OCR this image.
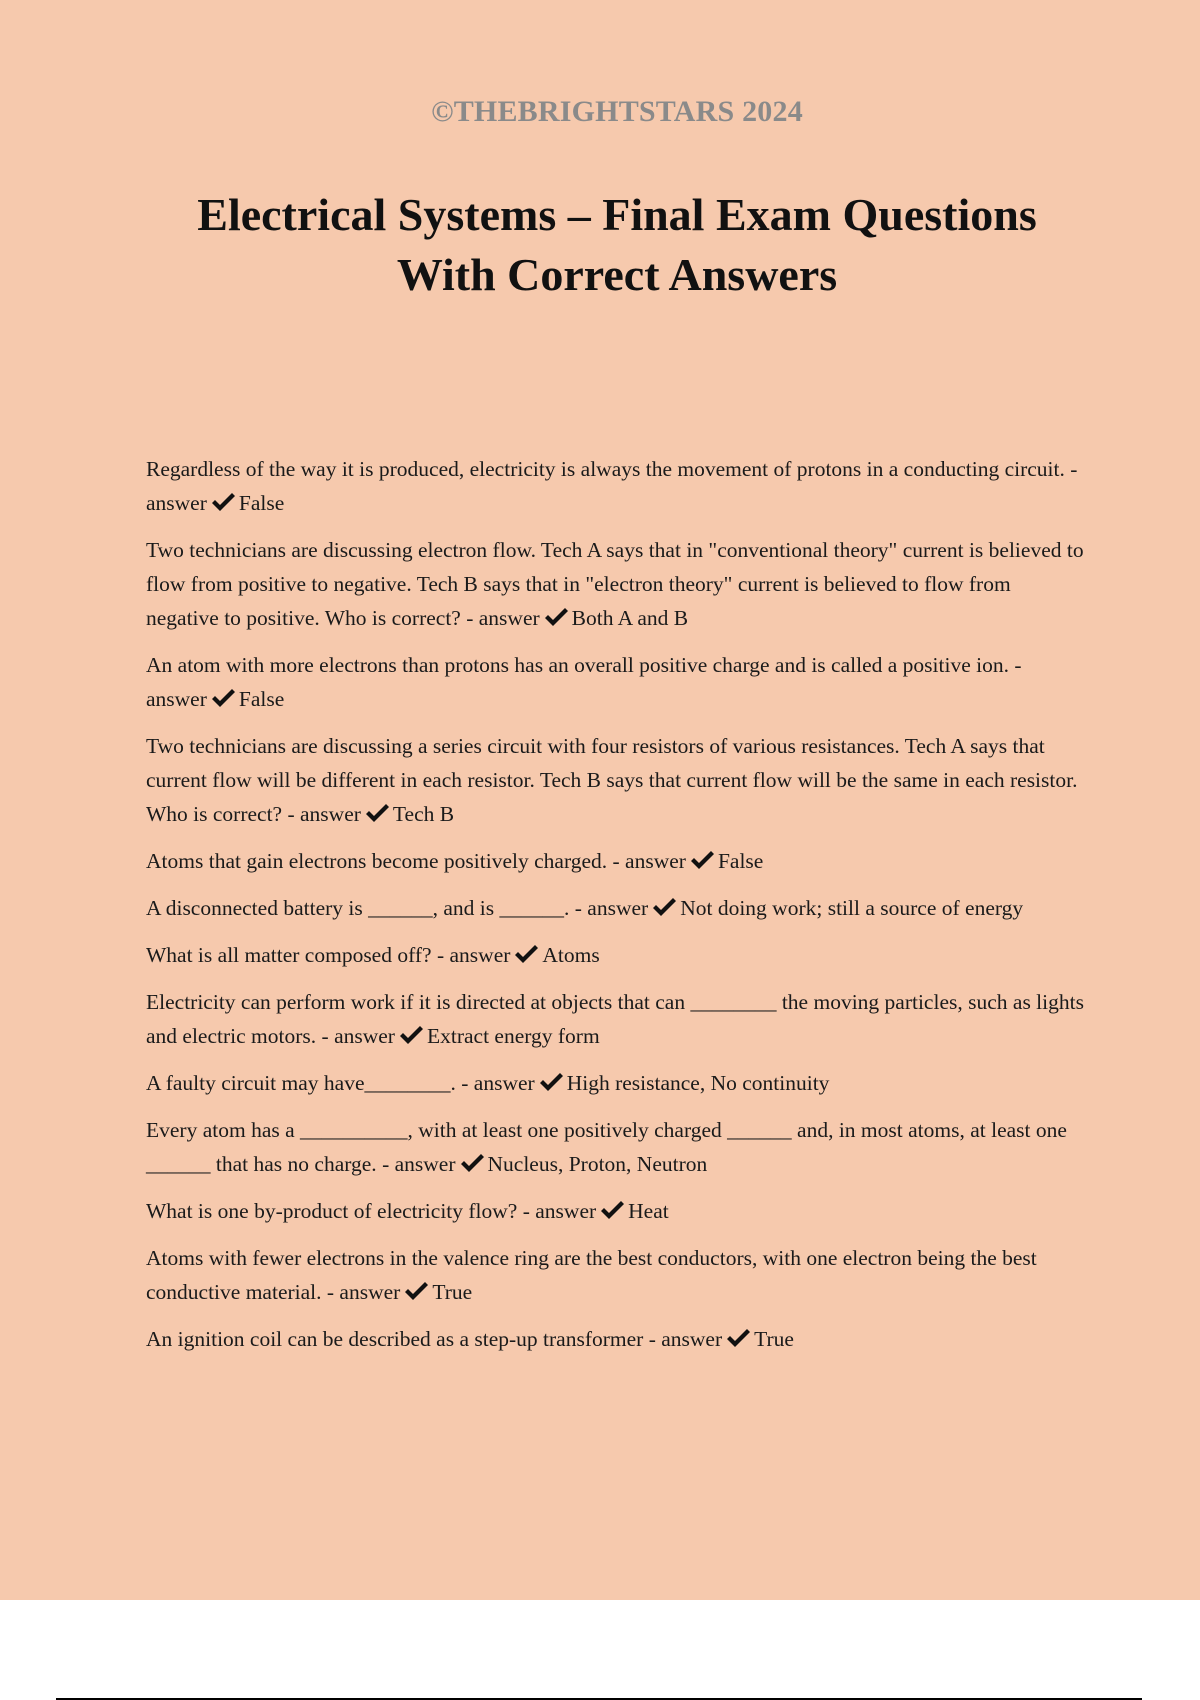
©THEBRIGHTSTARS 2024
Electrical Systems – Final Exam Questions
With Correct Answers

Regardless of the way it is produced, electricity is always the movement of protons in a conducting circuit. - answer False

Two technicians are discussing electron flow. Tech A says that in "conventional theory" current is believed to flow from positive to negative. Tech B says that in "electron theory" current is believed to flow from negative to positive. Who is correct? - answer Both A and B

An atom with more electrons than protons has an overall positive charge and is called a positive ion. - answer False

Two technicians are discussing a series circuit with four resistors of various resistances. Tech A says that current flow will be different in each resistor. Tech B says that current flow will be the same in each resistor. Who is correct? - answer Tech B

Atoms that gain electrons become positively charged. - answer False

A disconnected battery is ______, and is ______. - answer Not doing work; still a source of energy

What is all matter composed off? - answer Atoms

Electricity can perform work if it is directed at objects that can ________ the moving particles, such as lights and electric motors. - answer Extract energy form

A faulty circuit may have________. - answer High resistance, No continuity

Every atom has a __________, with at least one positively charged ______ and, in most atoms, at least one ______ that has no charge. - answer Nucleus, Proton, Neutron

What is one by-product of electricity flow? - answer Heat

Atoms with fewer electrons in the valence ring are the best conductors, with one electron being the best conductive material. - answer True

An ignition coil can be described as a step-up transformer - answer True
